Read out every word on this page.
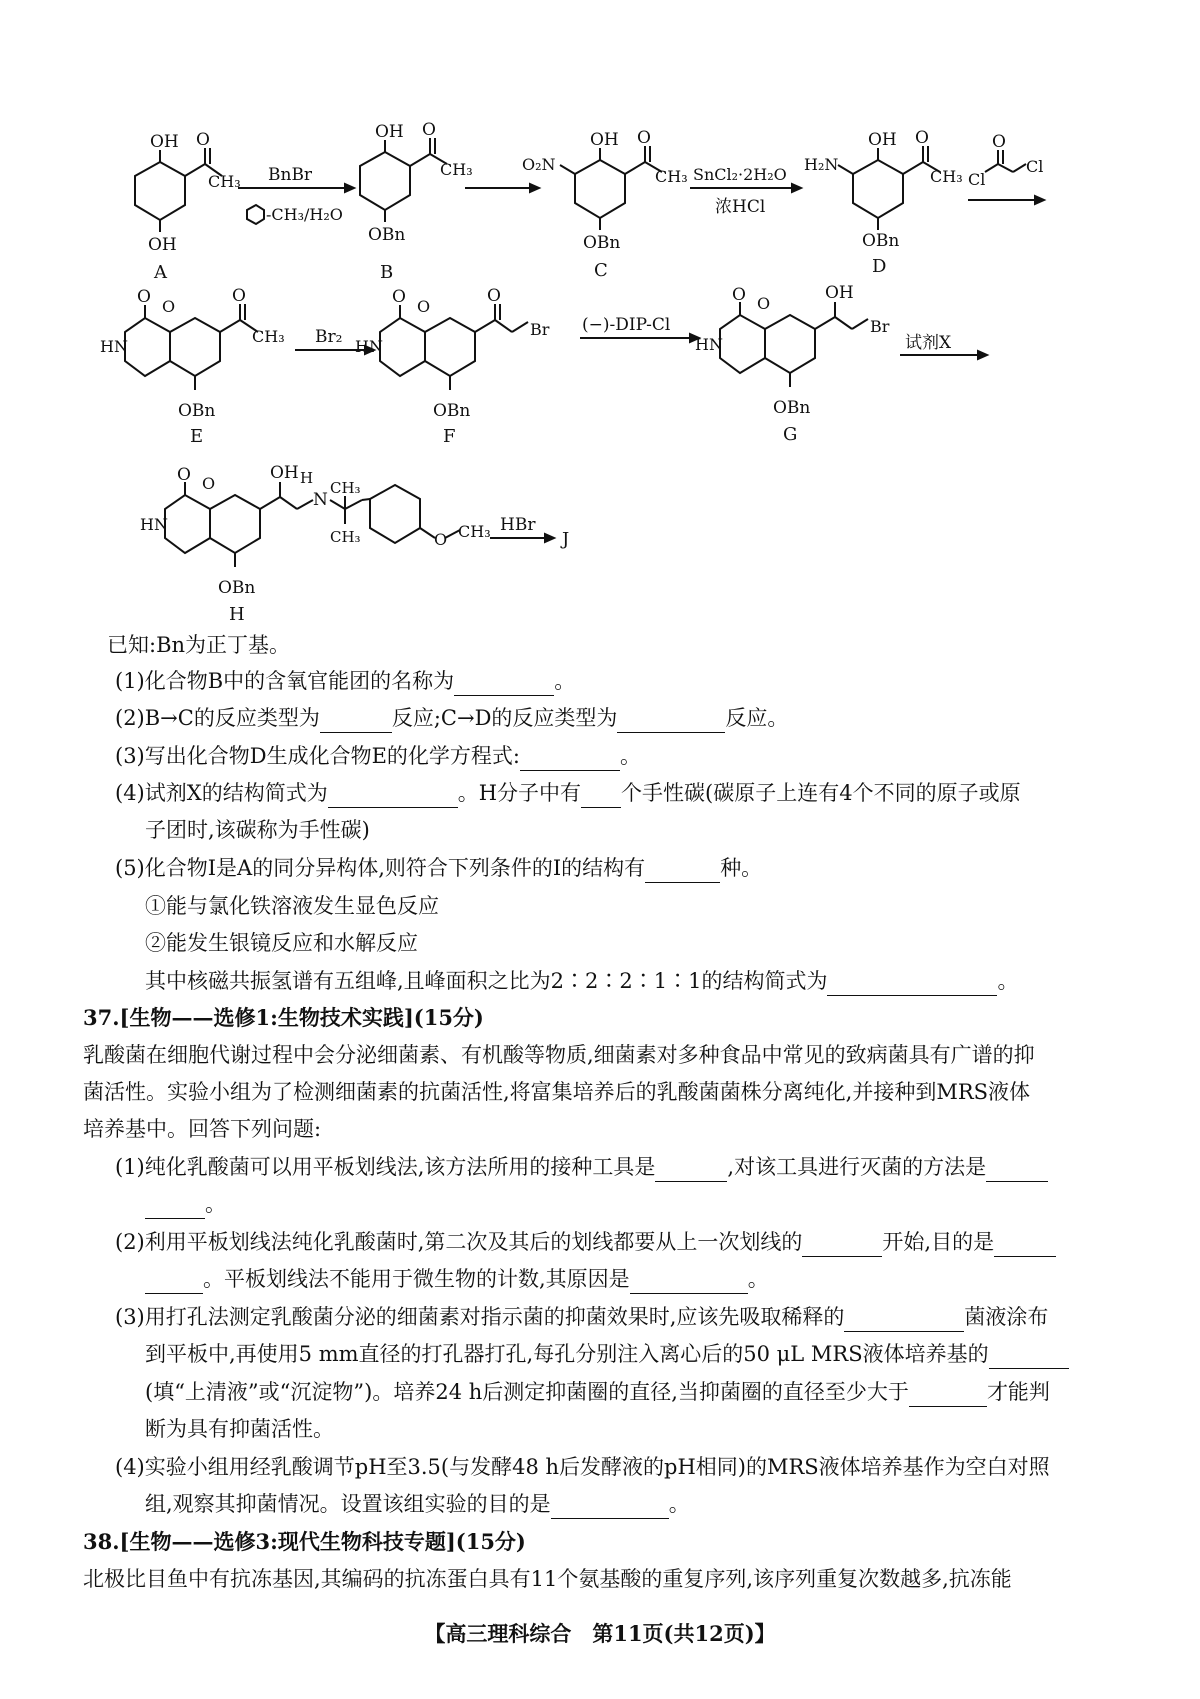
OH O
CH₃
OH
A
BnBr
-CH₃/H₂O
OH O
CH₃
OBn
B
OH O
O₂N
CH₃
OBn
C
SnCl₂·2H₂O
浓HCl
OH O
H₂N
CH₃
OBn
D
O
Cl
Cl
O O
HN
O
CH₃
OBn
E
Br₂
O O
HN
O
Br
OBn
F
(−)-DIP-Cl
O O
HN
OH
Br
OBn
G
试剂X
O O
HN
OH H
N
CH₃
CH₃	O CH₃
OBn
H
HBr
J
已知:Bn为正丁基。
(1)化合物B中的含氧官能团的名称为	。
(2)B→C的反应类型为	反应;C→D的反应类型为	反应。
(3)写出化合物D生成化合物E的化学方程式:	。
(4)试剂X的结构简式为	。H分子中有 个手性碳(碳原子上连有4个不同的原子或原
子团时,该碳称为手性碳)
(5)化合物I是A的同分异构体,则符合下列条件的I的结构有	种。
①能与氯化铁溶液发生显色反应
②能发生银镜反应和水解反应
其中核磁共振氢谱有五组峰,且峰面积之比为2∶2∶2∶1∶1的结构简式为	。
37.[生物——选修1:生物技术实践](15分)
乳酸菌在细胞代谢过程中会分泌细菌素、有机酸等物质,细菌素对多种食品中常见的致病菌具有广谱的抑
菌活性。实验小组为了检测细菌素的抗菌活性,将富集培养后的乳酸菌菌株分离纯化,并接种到MRS液体
培养基中。回答下列问题:
(1)纯化乳酸菌可以用平板划线法,该方法所用的接种工具是	,对该工具进行灭菌的方法是
。
(2)利用平板划线法纯化乳酸菌时,第二次及其后的划线都要从上一次划线的	开始,目的是
。平板划线法不能用于微生物的计数,其原因是	。
(3)用打孔法测定乳酸菌分泌的细菌素对指示菌的抑菌效果时,应该先吸取稀释的	菌液涂布
到平板中,再使用5 mm直径的打孔器打孔,每孔分别注入离心后的50 μL MRS液体培养基的
(填“上清液”或“沉淀物”)。培养24 h后测定抑菌圈的直径,当抑菌圈的直径至少大于	才能判
断为具有抑菌活性。
(4)实验小组用经乳酸调节pH至3.5(与发酵48 h后发酵液的pH相同)的MRS液体培养基作为空白对照
组,观察其抑菌情况。设置该组实验的目的是	。
38.[生物——选修3:现代生物科技专题](15分)
北极比目鱼中有抗冻基因,其编码的抗冻蛋白具有11个氨基酸的重复序列,该序列重复次数越多,抗冻能
【高三理科综合　第11页(共12页)】
